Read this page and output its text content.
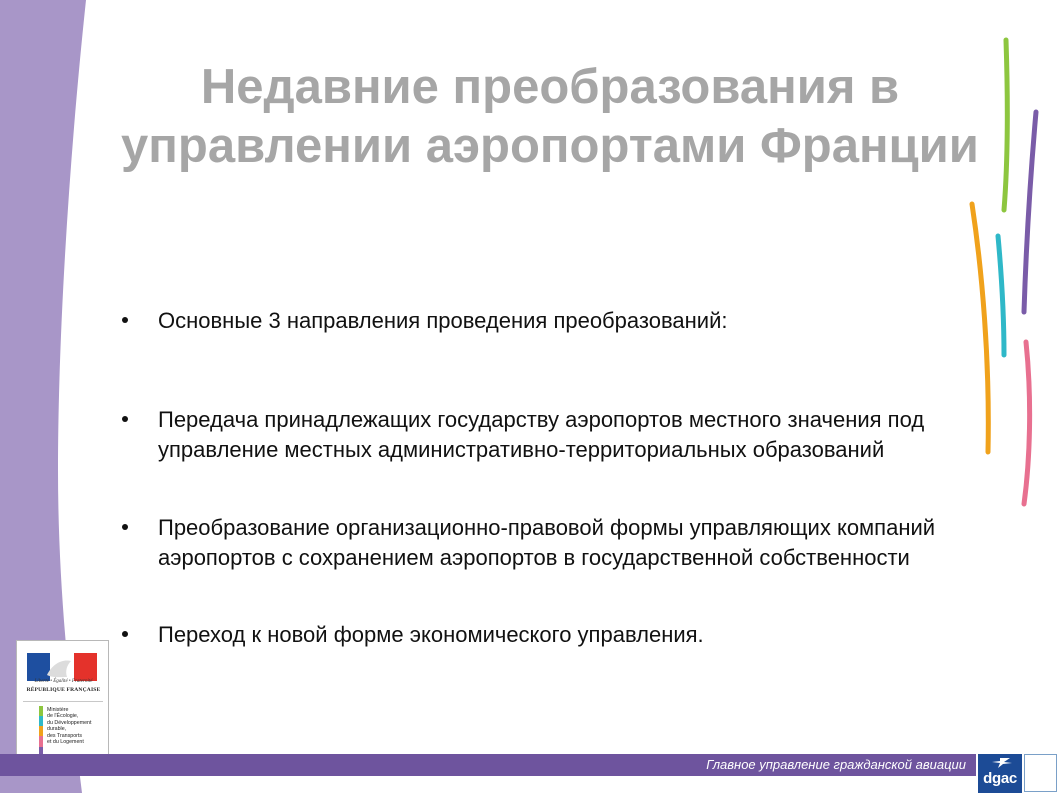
Недавние преобразования в управлении аэропортами Франции
Основные 3 направления проведения преобразований:
Передача принадлежащих государству аэропортов местного значения под управление местных административно-территориальных образований
Преобразование организационно-правовой формы управляющих компаний аэропортов с сохранением аэропортов в государственной собственности
Переход к новой форме экономического управления.
Liberté • Égalité • Fraternité
RÉPUBLIQUE FRANÇAISE
Ministère
de l'Écologie,
du Développement
durable,
des Transports
et du Logement
Главное управление гражданской авиации
dgac
